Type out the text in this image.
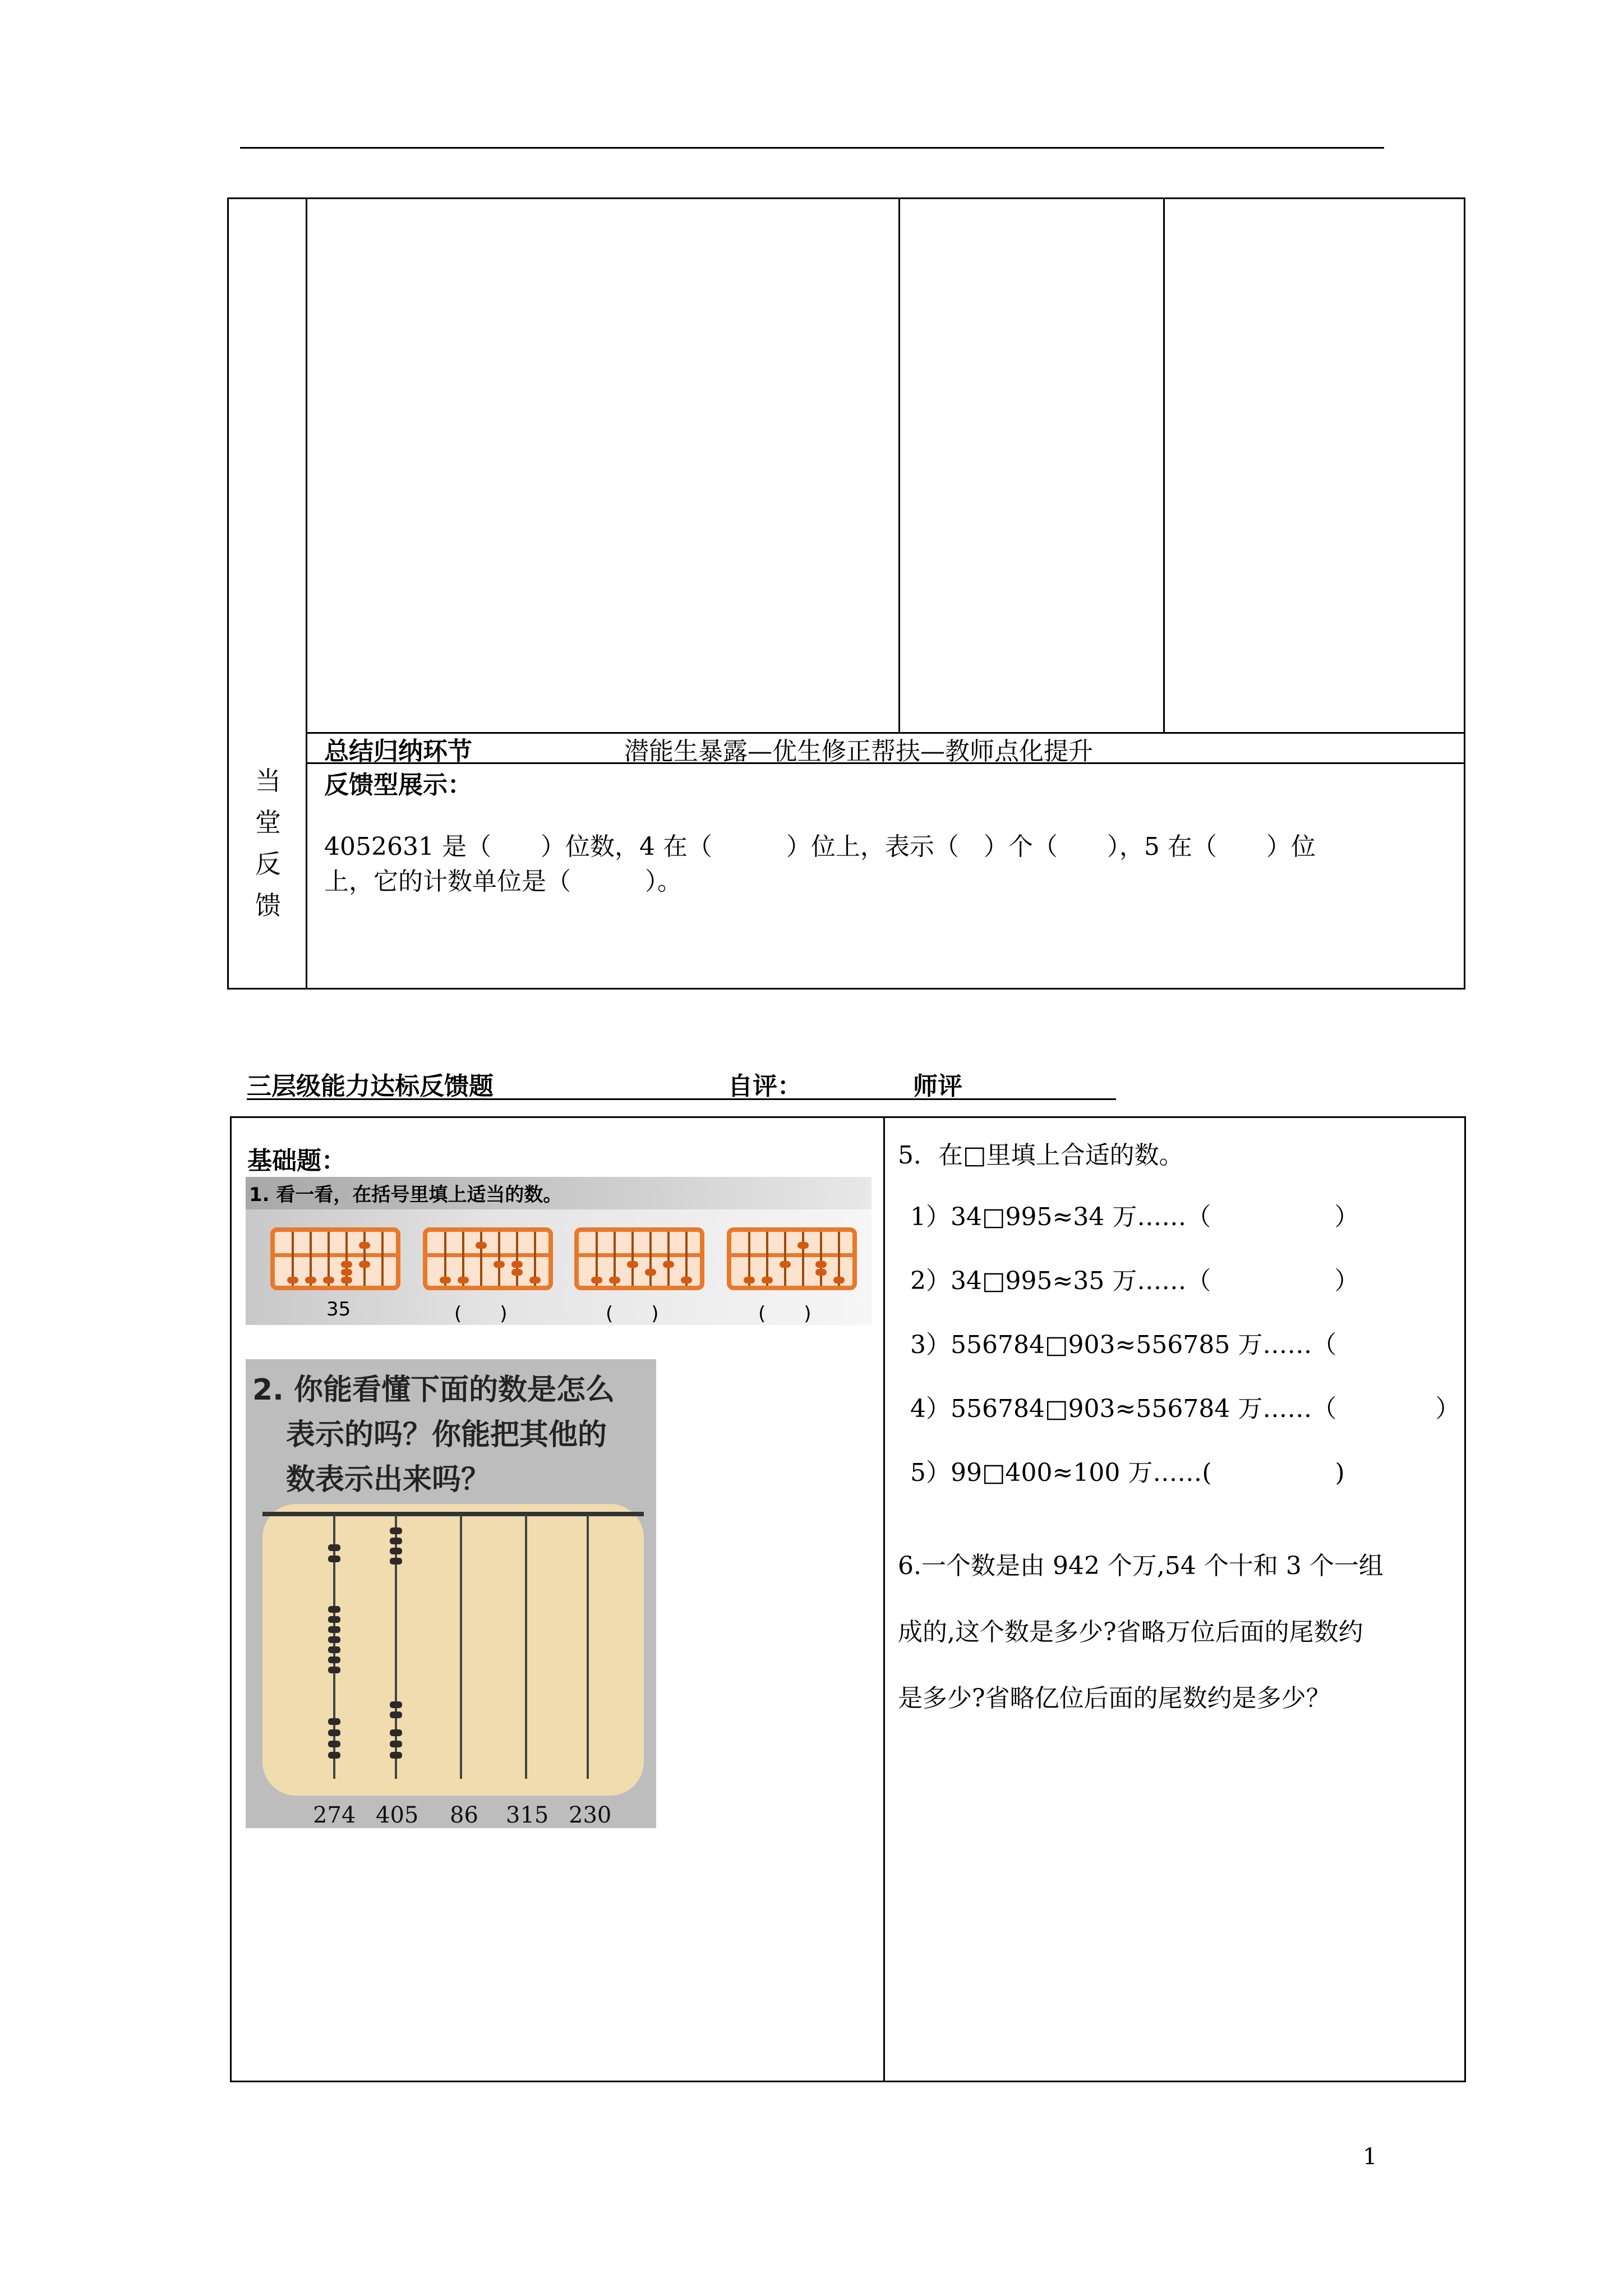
当
堂
反
馈
总结归纳环节	潜能生暴露—优生修正帮扶—教师点化提升
反馈型展示：
4052631 是（　　）位数，4 在（　　　）位上，表示（　）个（　　），5 在（　　）位
上，它的计数单位是（　　　）。
三层级能力达标反馈题	自评：	师评
基础题：	5．在□里填上合适的数。
1）34□995≈34 万……（　　　　　）
2）34□995≈35 万……（　　　　　）
3）556784□903≈556785 万……（
4）556784□903≈556784 万……（　　　　）
5）99□400≈100 万……(　　　　　)
6.一个数是由 942 个万,54 个十和 3 个一组
成的,这个数是多少?省略万位后面的尾数约
是多少?省略亿位后面的尾数约是多少？
1. 看一看，在括号里填上适当的数。
35	(　　)	(　　)	(　　)
2. 你能看懂下面的数是怎么
表示的吗？你能把其他的
数表示出来吗？
274 405 86 315 230
1
